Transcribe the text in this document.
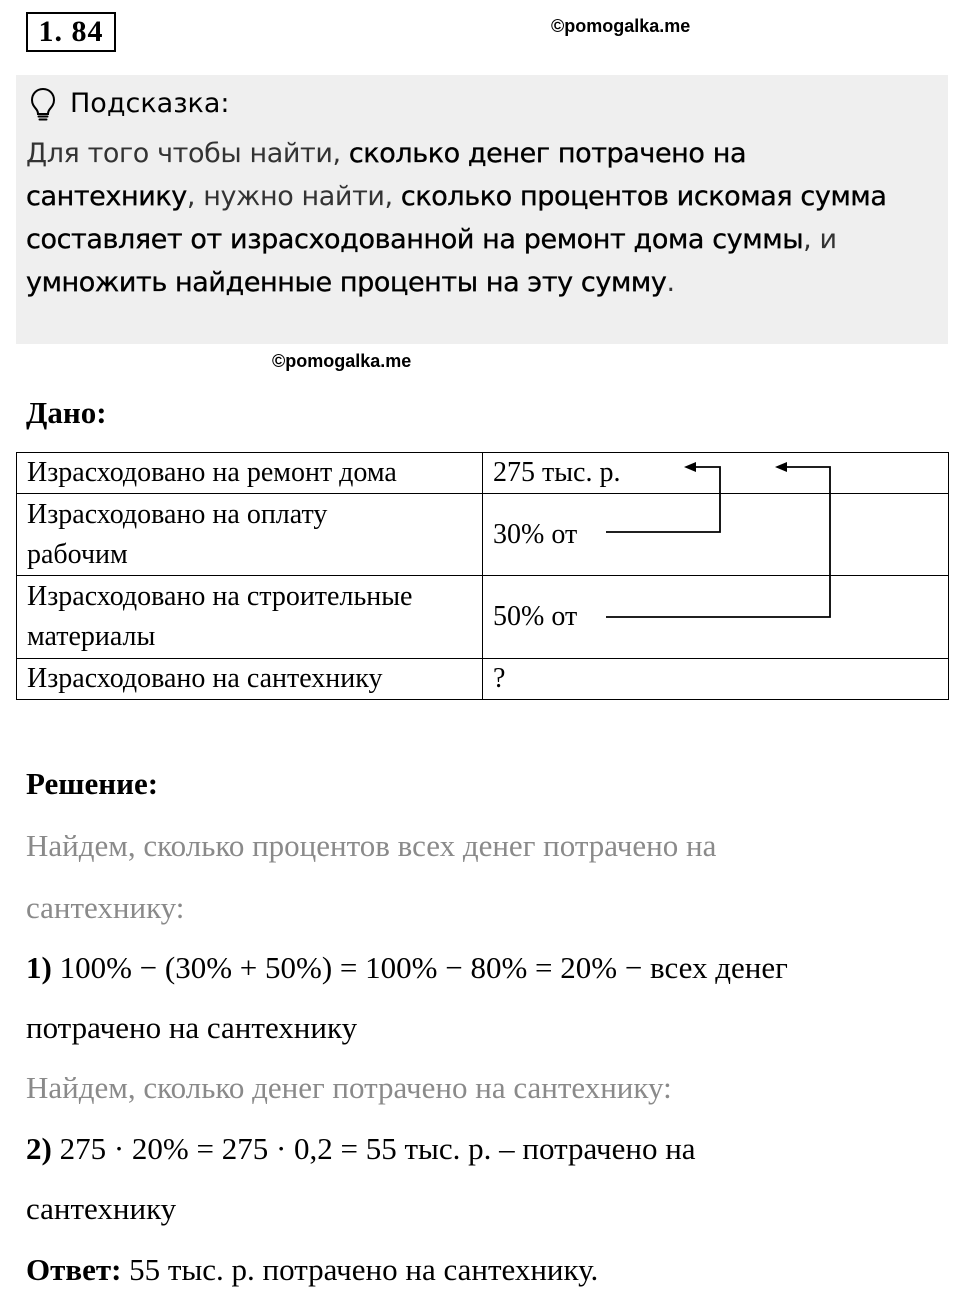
1. 84	©pomogalka.me
Подсказка:
Для того чтобы найти, сколько денег потрачено на
сантехнику, нужно найти, сколько процентов искомая сумма
составляет от израсходованной на ремонт дома суммы, и
умножить найденные проценты на эту сумму.
©pomogalka.me
Дано:
Израсходовано на ремонт дома	275 тыс. р.
Израсходовано на оплату
рабочим	30% от
Израсходовано на строительные
материалы	50% от
Израсходовано на сантехнику	?
Решение:
Найдем, сколько процентов всех денег потрачено на
сантехнику:
1) 100% − (30% + 50%) = 100% − 80% = 20% − всех денег
потрачено на сантехнику
Найдем, сколько денег потрачено на сантехнику:
2) 275 · 20% = 275 · 0,2 = 55 тыс. р. – потрачено на
сантехнику
Ответ: 55 тыс. р. потрачено на сантехнику.
